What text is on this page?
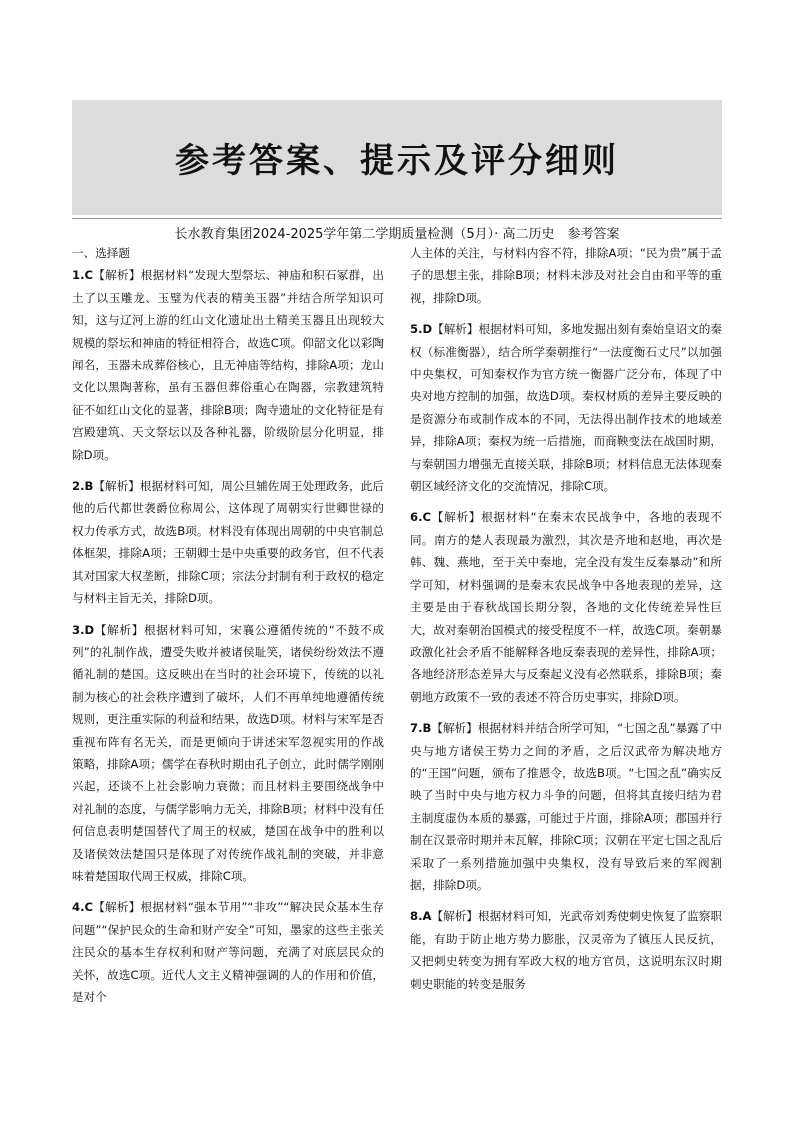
参考答案、提示及评分细则
长水教育集团2024-2025学年第二学期质量检测（5月）· 高二历史　参考答案

一、选择题

1.C【解析】根据材料“发现大型祭坛、神庙和积石冢群，出土了以玉雕龙、玉璧为代表的精美玉器”并结合所学知识可知，这与辽河上游的红山文化遗址出土精美玉器且出现较大规模的祭坛和神庙的特征相符合，故选C项。仰韶文化以彩陶闻名，玉器未成葬俗核心，且无神庙等结构，排除A项；龙山文化以黑陶著称，虽有玉器但葬俗重心在陶器，宗教建筑特征不如红山文化的显著，排除B项；陶寺遗址的文化特征是有宫殿建筑、天文祭坛以及各种礼器，阶级阶层分化明显，排除D项。

2.B【解析】根据材料可知，周公旦辅佐周王处理政务，此后他的后代都世袭爵位称周公，这体现了周朝实行世卿世禄的权力传承方式，故选B项。材料没有体现出周朝的中央官制总体框架，排除A项；王朝卿士是中央重要的政务官，但不代表其对国家大权垄断，排除C项；宗法分封制有利于政权的稳定与材料主旨无关，排除D项。

3.D【解析】根据材料可知，宋襄公遵循传统的“不鼓不成列”的礼制作战，遭受失败并被诸侯耻笑，诸侯纷纷效法不遵循礼制的楚国。这反映出在当时的社会环境下，传统的以礼制为核心的社会秩序遭到了破坏，人们不再单纯地遵循传统规则，更注重实际的利益和结果，故选D项。材料与宋军是否重视布阵有名无关，而是更倾向于讲述宋军忽视实用的作战策略，排除A项；儒学在春秋时期由孔子创立，此时儒学刚刚兴起，还谈不上社会影响力衰微；而且材料主要围绕战争中对礼制的态度，与儒学影响力无关，排除B项；材料中没有任何信息表明楚国替代了周王的权威，楚国在战争中的胜利以及诸侯效法楚国只是体现了对传统作战礼制的突破，并非意味着楚国取代周王权威，排除C项。

4.C【解析】根据材料“强本节用”“非攻”“解决民众基本生存问题”“保护民众的生命和财产安全”可知，墨家的这些主张关注民众的基本生存权利和财产等问题，充满了对底层民众的关怀，故选C项。近代人文主义精神强调的人的作用和价值，是对个

人主体的关注，与材料内容不符，排除A项；“民为贵”属于孟子的思想主张，排除B项；材料未涉及对社会自由和平等的重视，排除D项。

5.D【解析】根据材料可知，多地发掘出刻有秦始皇诏文的秦权（标准衡器），结合所学秦朝推行“一法度衡石丈尺”以加强中央集权，可知秦权作为官方统一衡器广泛分布，体现了中央对地方控制的加强，故选D项。秦权材质的差异主要反映的是资源分布或制作成本的不同，无法得出制作技术的地域差异，排除A项；秦权为统一后措施，而商鞅变法在战国时期，与秦朝国力增强无直接关联，排除B项；材料信息无法体现秦朝区域经济文化的交流情况，排除C项。

6.C【解析】根据材料“在秦末农民战争中，各地的表现不同。南方的楚人表现最为激烈，其次是齐地和赵地，再次是韩、魏、燕地，至于关中秦地，完全没有发生反秦暴动”和所学可知，材料强调的是秦末农民战争中各地表现的差异，这主要是由于春秋战国长期分裂，各地的文化传统差异性巨大，故对秦朝治国模式的接受程度不一样，故选C项。秦朝暴政激化社会矛盾不能解释各地反秦表现的差异性，排除A项；各地经济形态差异大与反秦起义没有必然联系，排除B项；秦朝地方政策不一致的表述不符合历史事实，排除D项。

7.B【解析】根据材料并结合所学可知，“七国之乱”暴露了中央与地方诸侯王势力之间的矛盾，之后汉武帝为解决地方的“王国”问题，颁布了推恩令，故选B项。“七国之乱”确实反映了当时中央与地方权力斗争的问题，但将其直接归结为君主制度虚伪本质的暴露，可能过于片面，排除A项；郡国并行制在汉景帝时期并未瓦解，排除C项；汉朝在平定七国之乱后采取了一系列措施加强中央集权，没有导致后来的军阀割据，排除D项。

8.A【解析】根据材料可知，光武帝刘秀使刺史恢复了监察职能，有助于防止地方势力膨胀，汉灵帝为了镇压人民反抗，又把刺史转变为拥有军政大权的地方官员，这说明东汉时期刺史职能的转变是服务
